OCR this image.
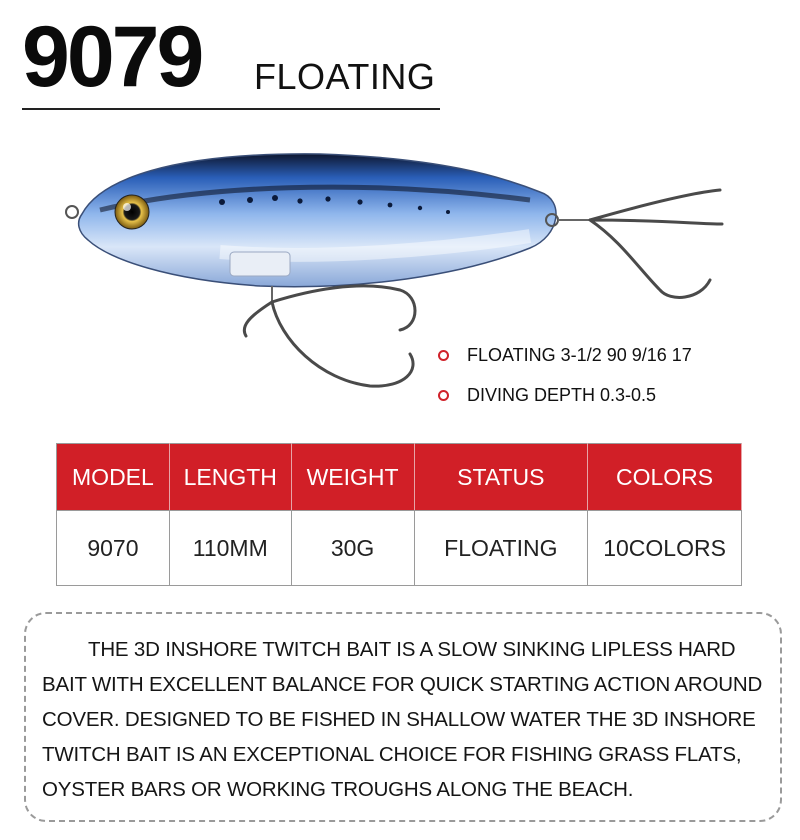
9079 FLOATING
FLOATING 3-1/2 90 9/16 17
DIVING DEPTH 0.3-0.5
MODEL	LENGTH	WEIGHT	STATUS	COLORS
9070	110MM	30G	FLOATING	10COLORS
THE 3D INSHORE TWITCH BAIT IS A SLOW SINKING LIPLESS HARD BAIT WITH EXCELLENT BALANCE FOR QUICK STARTING ACTION AROUND COVER. DESIGNED TO BE FISHED IN SHALLOW WATER THE 3D INSHORE TWITCH BAIT IS AN EXCEPTIONAL CHOICE FOR FISHING GRASS FLATS, OYSTER BARS OR WORKING TROUGHS ALONG THE BEACH.
